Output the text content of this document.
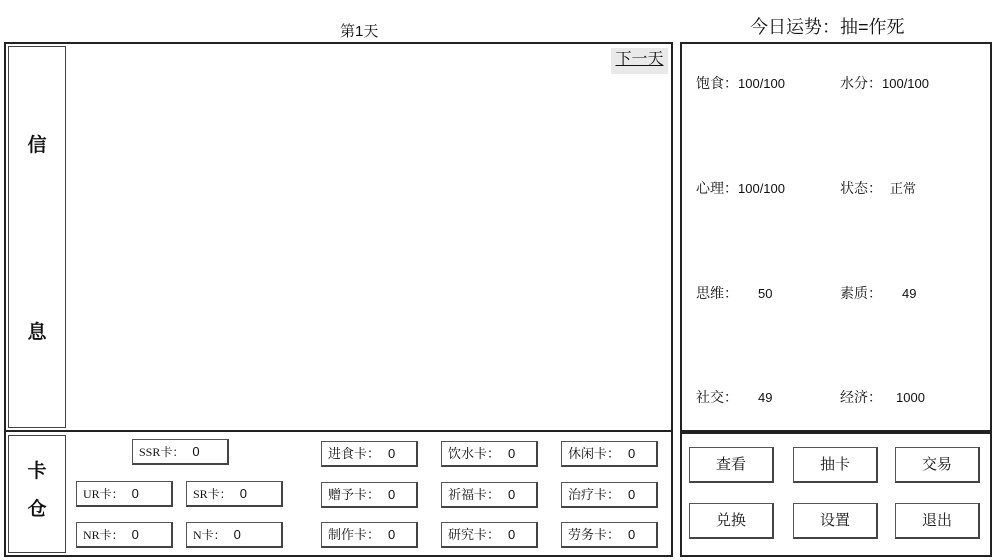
第1天	今日运势：抽=作死
信
息
下一天
卡
仓
SSR卡： 0
UR卡： 0	SR卡： 0
NR卡： 0	N卡： 0
进食卡： 0	饮水卡： 0	休闲卡： 0
赠予卡： 0	祈福卡： 0	治疗卡： 0
制作卡： 0	研究卡： 0	劳务卡： 0
饱食：100/100	水分：100/100
心理：100/100	状态： 正常
思维： 50	素质： 49
社交： 49	经济： 1000
查看	抽卡	交易
兑换	设置	退出
